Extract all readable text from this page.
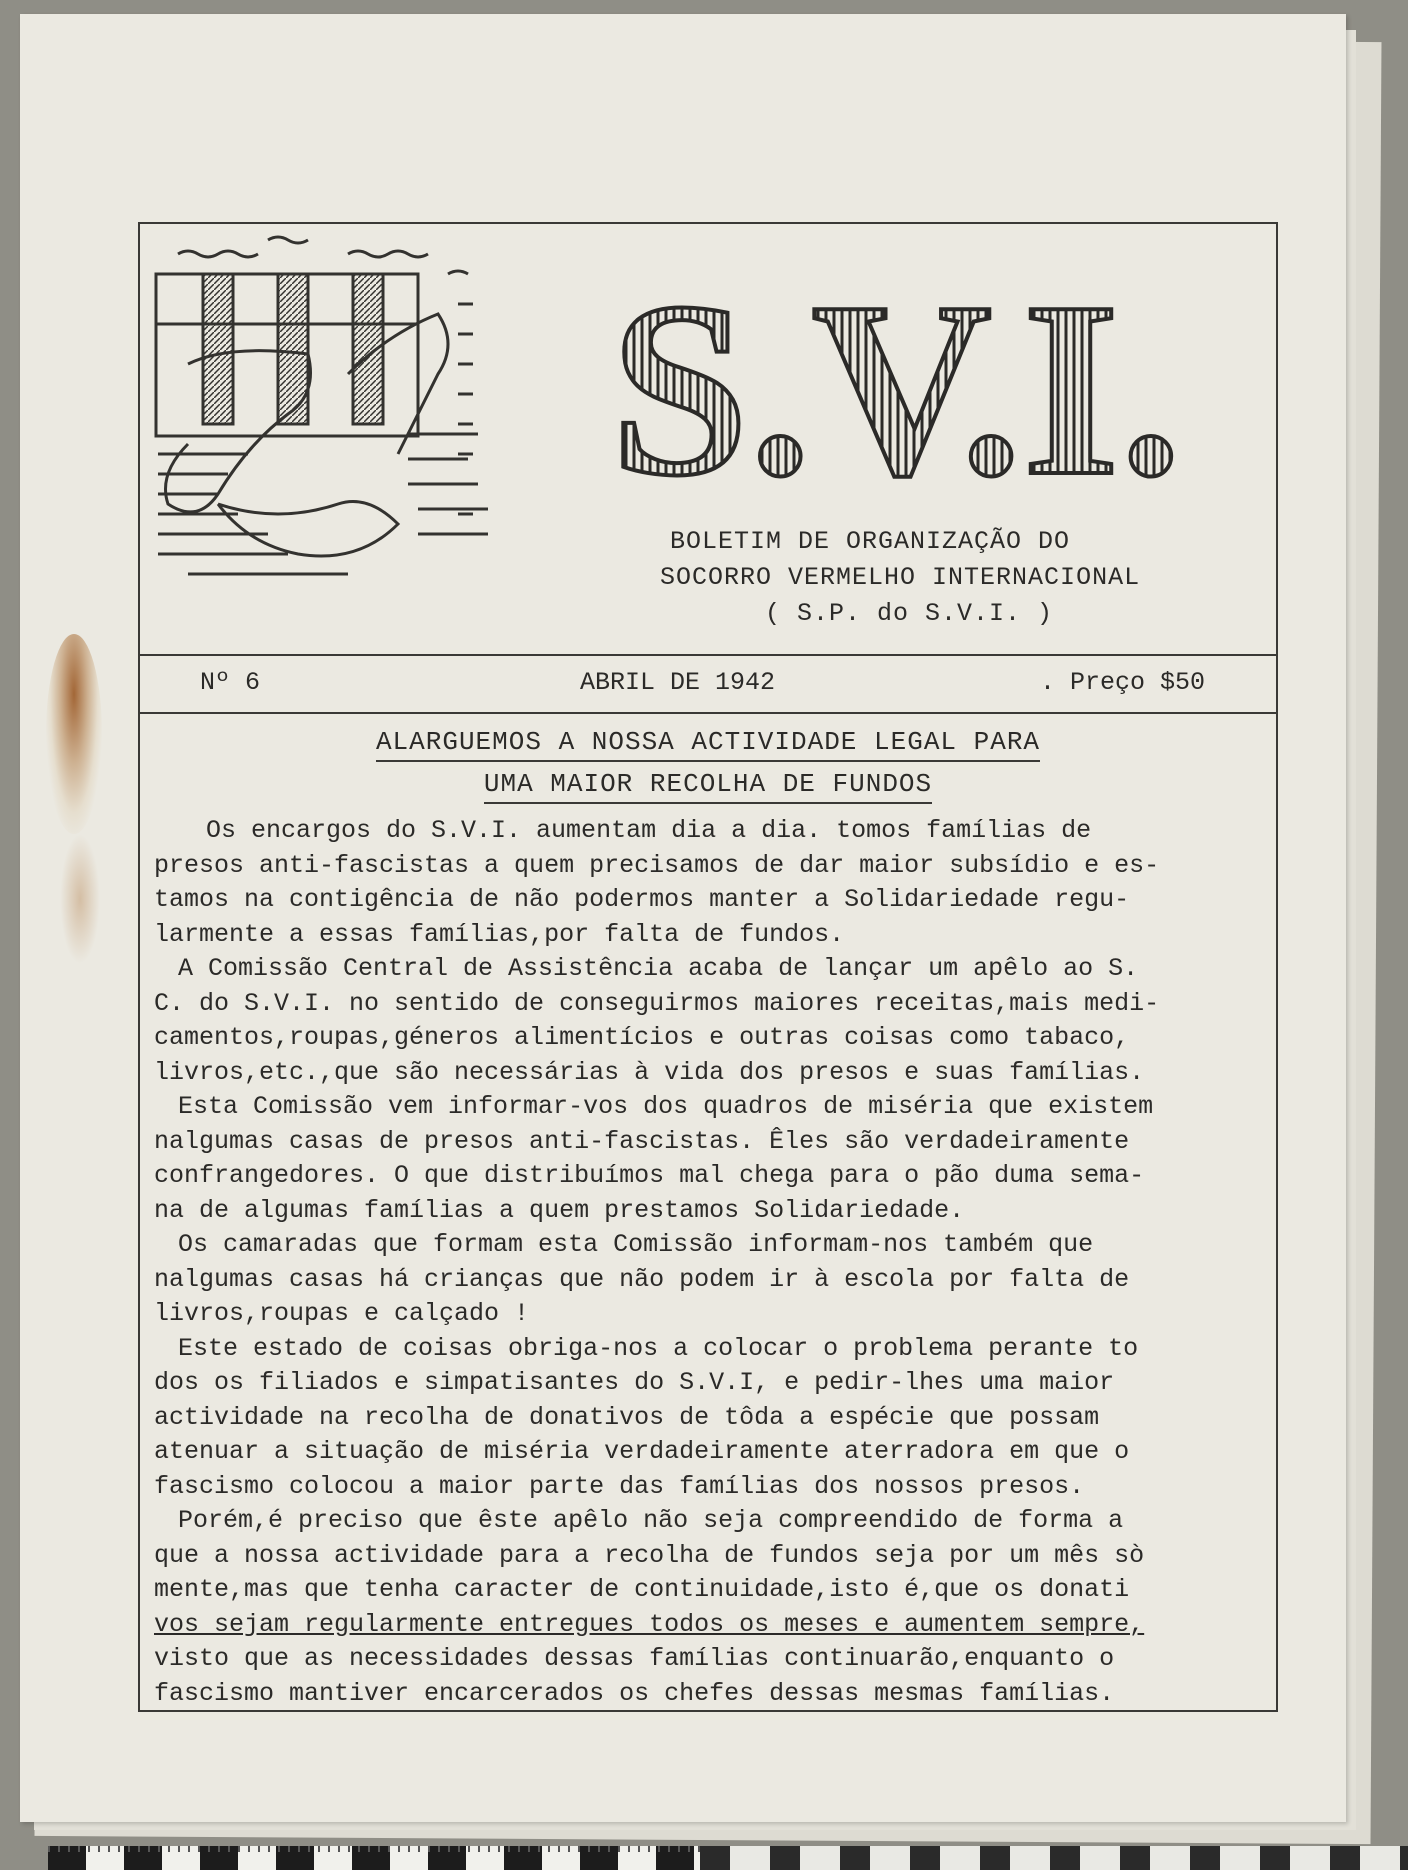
S.V.I.
BOLETIM DE ORGANIZAÇÃO DO
SOCORRO VERMELHO INTERNACIONAL
( S.P. do S.V.I. )
Nº 6	ABRIL DE 1942	. Preço $50
ALARGUEMOS A NOSSA ACTIVIDADE LEGAL PARA
UMA MAIOR RECOLHA DE FUNDOS
Os encargos do S.V.I. aumentam dia a dia. tomos famílias de
presos anti-fascistas a quem precisamos de dar maior subsídio e es-
tamos na contigência de não podermos manter a Solidariedade regu-
larmente a essas famílias,por falta de fundos.
A Comissão Central de Assistência acaba de lançar um apêlo ao S.
C. do S.V.I. no sentido de conseguirmos maiores receitas,mais medi-
camentos,roupas,géneros alimentícios e outras coisas como tabaco,
livros,etc.,que são necessárias à vida dos presos e suas famílias.
Esta Comissão vem informar-vos dos quadros de miséria que existem
nalgumas casas de presos anti-fascistas. Êles são verdadeiramente
confrangedores. O que distribuímos mal chega para o pão duma sema-
na de algumas famílias a quem prestamos Solidariedade.
Os camaradas que formam esta Comissão informam-nos também que
nalgumas casas há crianças que não podem ir à escola por falta de
livros,roupas e calçado !
Este estado de coisas obriga-nos a colocar o problema perante to
dos os filiados e simpatisantes do S.V.I, e pedir-lhes uma maior
actividade na recolha de donativos de tôda a espécie que possam
atenuar a situação de miséria verdadeiramente aterradora em que o
fascismo colocou a maior parte das famílias dos nossos presos.
Porém,é preciso que êste apêlo não seja compreendido de forma a
que a nossa actividade para a recolha de fundos seja por um mês sò
mente,mas que tenha caracter de continuidade,isto é,que os donati
vos sejam regularmente entregues todos os meses e aumentem sempre,
visto que as necessidades dessas famílias continuarão,enquanto o
fascismo mantiver encarcerados os chefes dessas mesmas famílias.
